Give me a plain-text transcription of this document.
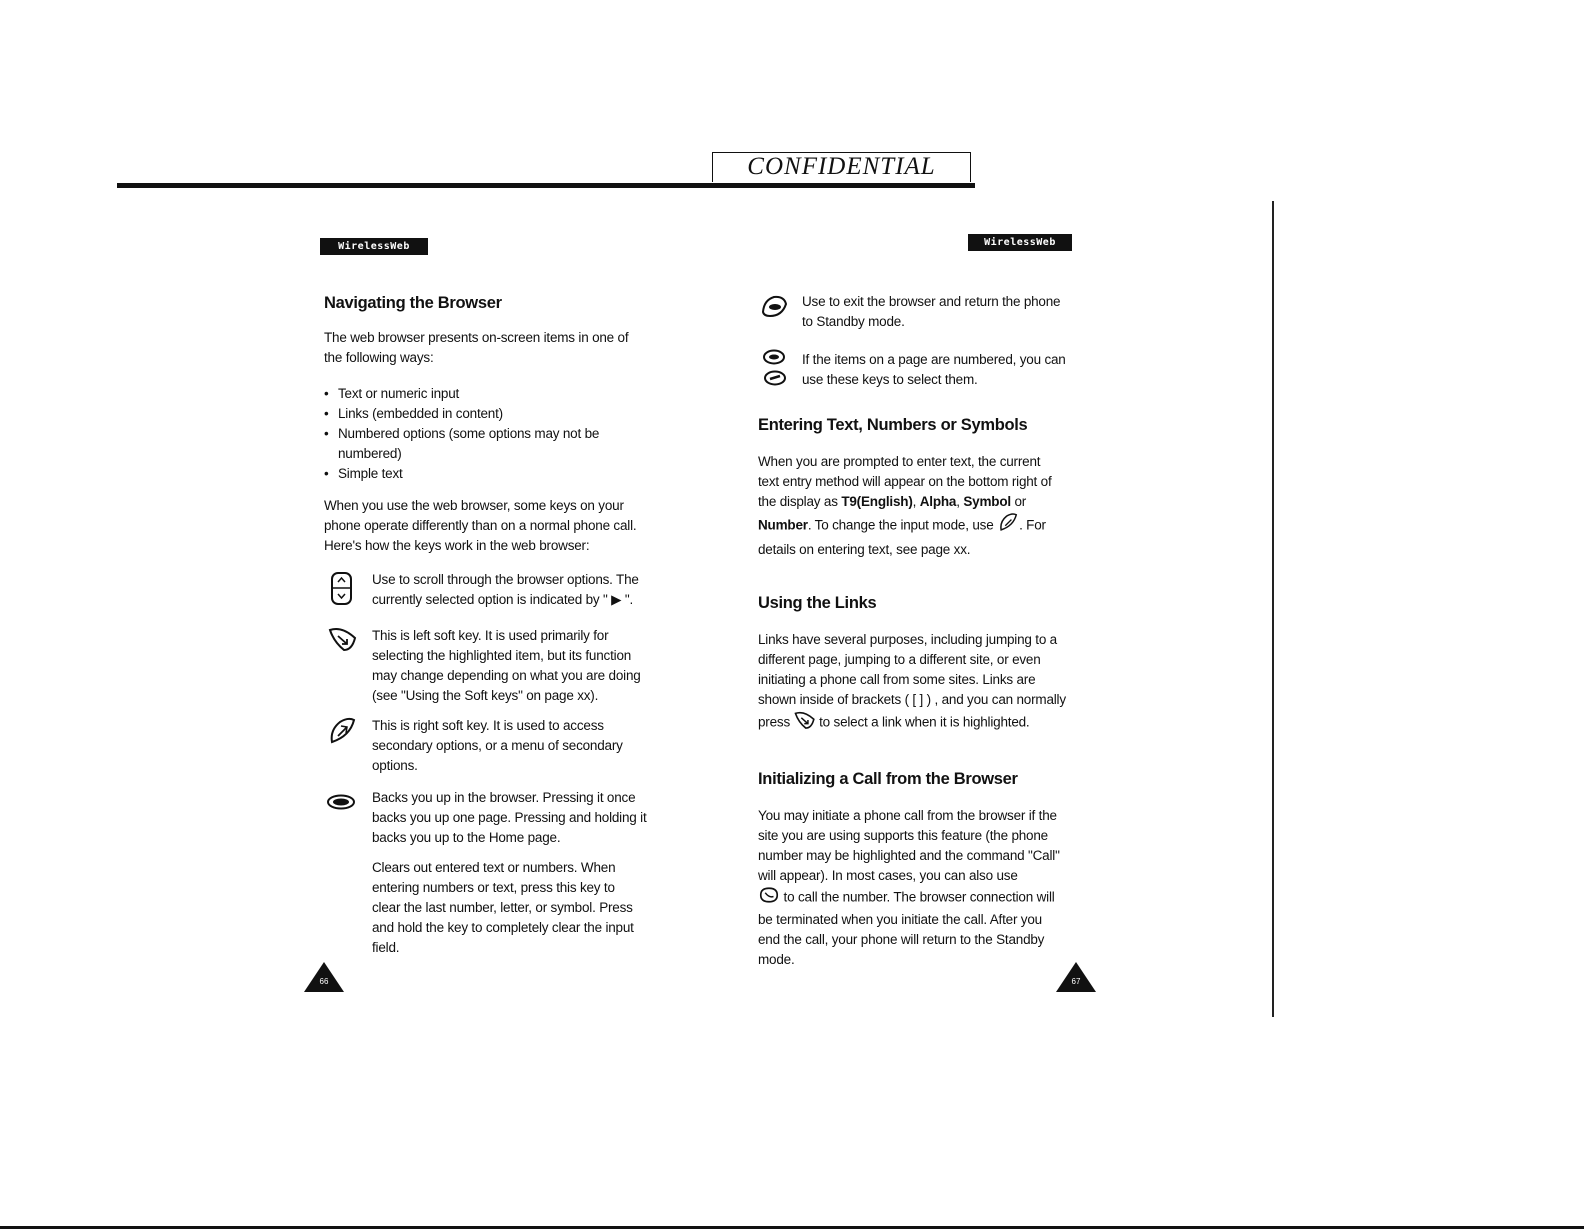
CONFIDENTIAL
WirelessWeb	WirelessWeb
Navigating the Browser
The web browser presents on-screen items in one of
the following ways:
• Text or numeric input
• Links (embedded in content)
• Numbered options (some options may not be
numbered)
• Simple text
When you use the web browser, some keys on your
phone operate differently than on a normal phone call.
Here's how the keys work in the web browser:
Use to scroll through the browser options. The
currently selected option is indicated by " ▶ ".
This is left soft key. It is used primarily for
selecting the highlighted item, but its function
may change depending on what you are doing
(see "Using the Soft keys" on page xx).
This is right soft key. It is used to access
secondary options, or a menu of secondary
options.
Backs you up in the browser. Pressing it once
backs you up one page. Pressing and holding it
backs you up to the Home page.
Clears out entered text or numbers. When
entering numbers or text, press this key to
clear the last number, letter, or symbol. Press
and hold the key to completely clear the input
field.
66
Use to exit the browser and return the phone
to Standby mode.
If the items on a page are numbered, you can
use these keys to select them.
Entering Text, Numbers or Symbols
When you are prompted to enter text, the current
text entry method will appear on the bottom right of
the display as T9(English), Alpha, Symbol or
Number. To change the input mode, use . For
details on entering text, see page xx.
Using the Links
Links have several purposes, including jumping to a
different page, jumping to a different site, or even
initiating a phone call from some sites. Links are
shown inside of brackets ( [ ] ) , and you can normally
press  to select a link when it is highlighted.
Initializing a Call from the Browser
You may initiate a phone call from the browser if the
site you are using supports this feature (the phone
number may be highlighted and the command "Call"
will appear). In most cases, you can also use
to call the number. The browser connection will
be terminated when you initiate the call. After you
end the call, your phone will return to the Standby
mode.
67
